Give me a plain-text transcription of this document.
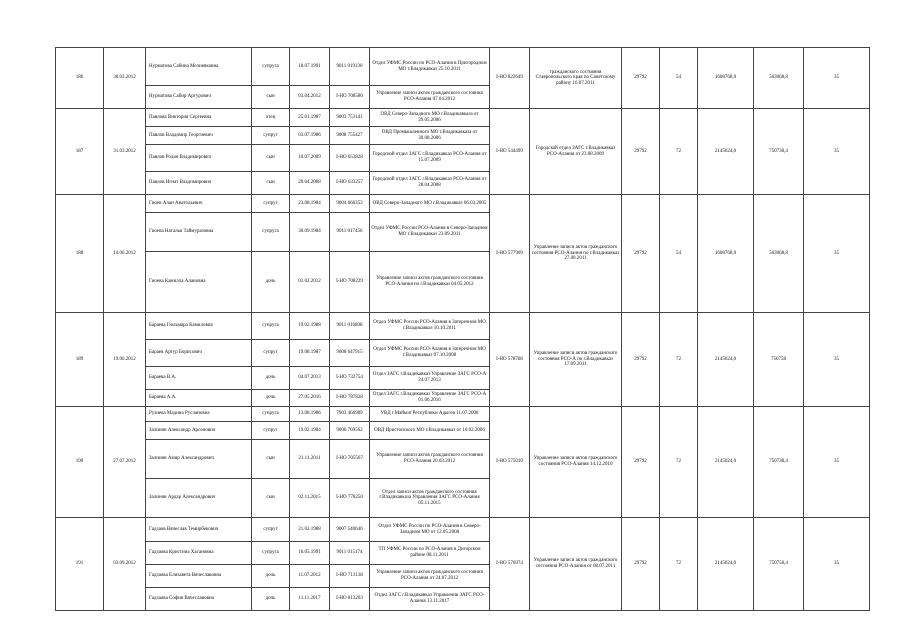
186	30.03.2012	Нурматова Сабина Мелиевковна	супруга	18.07.1991	9011 019130	Отдел УФМС России по РСО-Алания в Пригородном МО г.Владикавказ 25.10.2011	I-НО 822649	гражданского состояния Ставропольского края по Советскому району 16.07.2011	29792	54	1608768,0	563068,8	35
		Нурматова Сабир Артурович	сын	03.04.2012	I-НО 708580	Управление записи актов гражданского состояния РСО-Алания 07.04.2012							
187	31.03.2012	Павлова Виктория Сергеевна	отец	25.01.1987	9003 753141	ОВД Северо-Западного МО г.Владикавказа от 29.05.2006	I-НО 544499	Городской отдел ЗАГС г.Владикавказ РСО-Алания от 23.08.2009	29792	72	2145024,0	750738,4	35
		Павлов Владимир Георгиевич	супруг	03.07.1986	9008 755427	ОВД Промышленного МО г.Владикавказа от 30.08.2006							
		Павлов Ролан Владимирович	сын	10.07.2009	I-НО 653828	Городской отдел ЗАГС г.Владикавказ РСО-Алания от 15.07.2009							
		Павлов Игнат Владимирович	сын	20.04.2008	I-НО 633257	Городской отдел ЗАГС г.Владикавказ РСО-Алания от 28.04.2008							
188	14.06.2012	Гиоев Алан Анатольевич	супруг	23.08.1984	9004 666353	ОВД Северо-Западного МО г.Владикавказ 06.03.2005	I-НО 577909	Управление записи актов гражданского состояния РСО-Алания по г.Владикавказ 27.08.2011	29792	54	1608768,0	563068,8	35
		Гиоева Наталья Таймуразовна	супруга	30.09.1984	9011 017456	Отдел УФМС России РСО-Алания в Северо-Западном МО г.Владикавказ 23.09.2011							
		Гиоева Камилла Алановна	дочь	01.02.2012	I-НО 708229	Управление записи актов гражданского состояния РСО-Алания по г.Владикавказ 04.05.2012							
189	19.06.2012	Бараева Гюльмара Камиловна	супруга	19.02.1988	9011 016808	Отдел УФМС России РСО-Алания в Затеречном МО г.Владикавказ 10.10.2011	I-НО 578708	Управление записи актов гражданского состояния РСО-А по г.Владикавказ 17.09.2011	29792	72	2145024,0	750758	35
		Бараев Артур Борисович	супруг	19.08.1987	9008 647915	Отдел УФМС России РСО-Алания в Затеречном МО г.Владикавказ 07.10.2008							
		Бараева В.А.	дочь	04.07.2013	I-НО 732754	Отдел ЗАГС г.Владикавказ Управление ЗАГС РСО-А 24.07.2013							
		Бараева А.А.	дочь	27.05.2016	I-НО 787828	Отдел ЗАГС г.Владикавказ Управление ЗАГС РСО-А 01.06.2016							
190	27.07.2012	Рузиева Мадина Руслановна	супруга	13.08.1986	7903 466989	УВД г.Майкоп Республики Адыгея 11.07.2008	I-НО 575010	Управление записи актов гражданского состояния РСО-Алания 14.12.2010	29792	72	2145024,0	750738,4	35
		Залинян Александр Арсенович	супруг	19.02.1984	9006 769562	ОВД Иристонского МО г.Владикавказ от 10.02.2006							
		Залинян Амир Александрович	сын	21.11.2011	I-НО 705567	Управление записи актов гражданского состояния РСО-Алания 20.03.2012							
		Залинян Ардар Александрович	сын	02.11.2015	I-НО 778250	Отдел записи актов гражданского состояния г.Владикавказа Управления ЗАГС РСО-Алания 05.11.2015							
191	03.09.2012	Гадзаов Вячеслав Темирбекович	супруг	21.02.1988	9007 540640	Отдел УФМС России по РСО-Алания в Северо-Западном МО от 12.05.2008	I-НО 576974	Управление записи актов гражданского состояния РСО-Алания от 08.07.2011	29792	72	2145024,0	750758,4	35
		Гадзаова Кристина Хасановна	супруга	16.05.1991	9011 015174	ТП УФМС России по РСО-Алания в Дигорском районе 08.11.2011							
		Гадзаова Елизавета Вячеславовна	дочь	11.07.2012	I-НО 713138	Управление записи актов гражданского состояния РСО-Алания от 24.07.2012							
		Гадзаова София Вячеславовна	дочь	11.11.2017	I-НО 813203	Отдел ЗАГС г.Владикавказ Управления ЗАГС РСО-Алания 13.11.2017							
